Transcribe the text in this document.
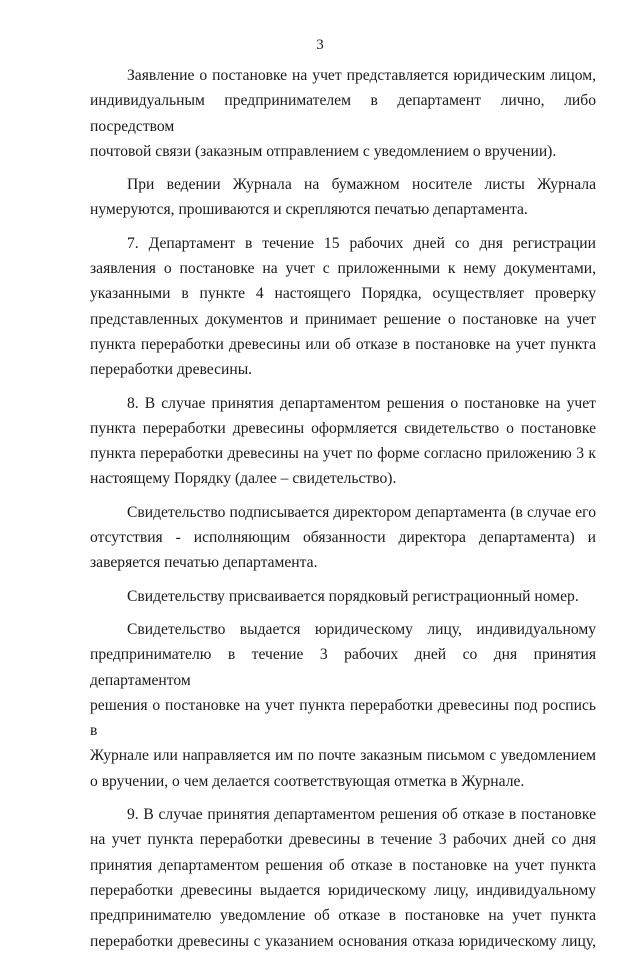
3

Заявление о постановке на учет представляется юридическим лицом,
индивидуальным предпринимателем в департамент лично, либо посредством
почтовой связи (заказным отправлением с уведомлением о вручении).

При ведении Журнала на бумажном носителе листы Журнала
нумеруются, прошиваются и скрепляются печатью департамента.

7. Департамент в течение 15 рабочих дней со дня регистрации
заявления о постановке на учет с приложенными к нему документами,
указанными в пункте 4 настоящего Порядка, осуществляет проверку
представленных документов и принимает решение о постановке на учет
пункта переработки древесины или об отказе в постановке на учет пункта
переработки древесины.

8. В случае принятия департаментом решения о постановке на учет
пункта переработки древесины оформляется свидетельство о постановке
пункта переработки древесины на учет по форме согласно приложению 3 к
настоящему Порядку (далее – свидетельство).

Свидетельство подписывается директором департамента (в случае его
отсутствия - исполняющим обязанности директора департамента) и
заверяется печатью департамента.

Свидетельству присваивается порядковый регистрационный номер.

Свидетельство выдается юридическому лицу, индивидуальному
предпринимателю в течение 3 рабочих дней со дня принятия департаментом
решения о постановке на учет пункта переработки древесины под роспись в
Журнале или направляется им по почте заказным письмом с уведомлением
о вручении, о чем делается соответствующая отметка в Журнале.

9. В случае принятия департаментом решения об отказе в постановке
на учет пункта переработки древесины в течение 3 рабочих дней со дня
принятия департаментом решения об отказе в постановке на учет пункта
переработки древесины выдается юридическому лицу, индивидуальному
предпринимателю уведомление об отказе в постановке на учет пункта
переработки древесины с указанием основания отказа юридическому лицу,
